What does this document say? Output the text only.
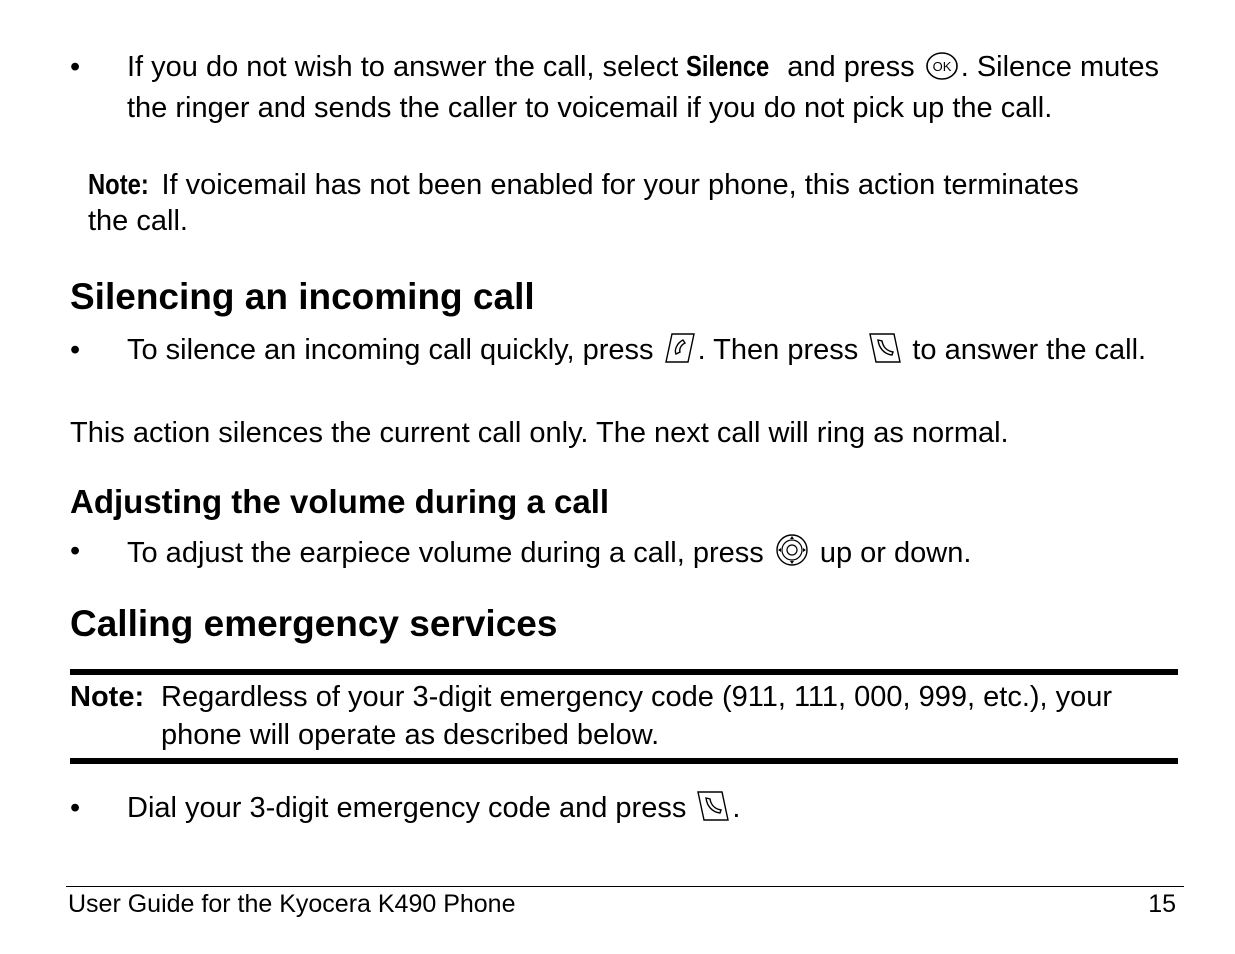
•	If you do not wish to answer the call, select Silence and press OK . Silence mutes the ringer and sends the caller to voicemail if you do not pick up the call.
Note: If voicemail has not been enabled for your phone, this action terminates the call.
Silencing an incoming call
•	To silence an incoming call quickly, press . Then press  to answer the call.
This action silences the current call only. The next call will ring as normal.
Adjusting the volume during a call
•	To adjust the earpiece volume during a call, press  up or down.
Calling emergency services
Note: Regardless of your 3-digit emergency code (911, 111, 000, 999, etc.), your phone will operate as described below.
•	Dial your 3-digit emergency code and press .
User Guide for the Kyocera K490 Phone	15
